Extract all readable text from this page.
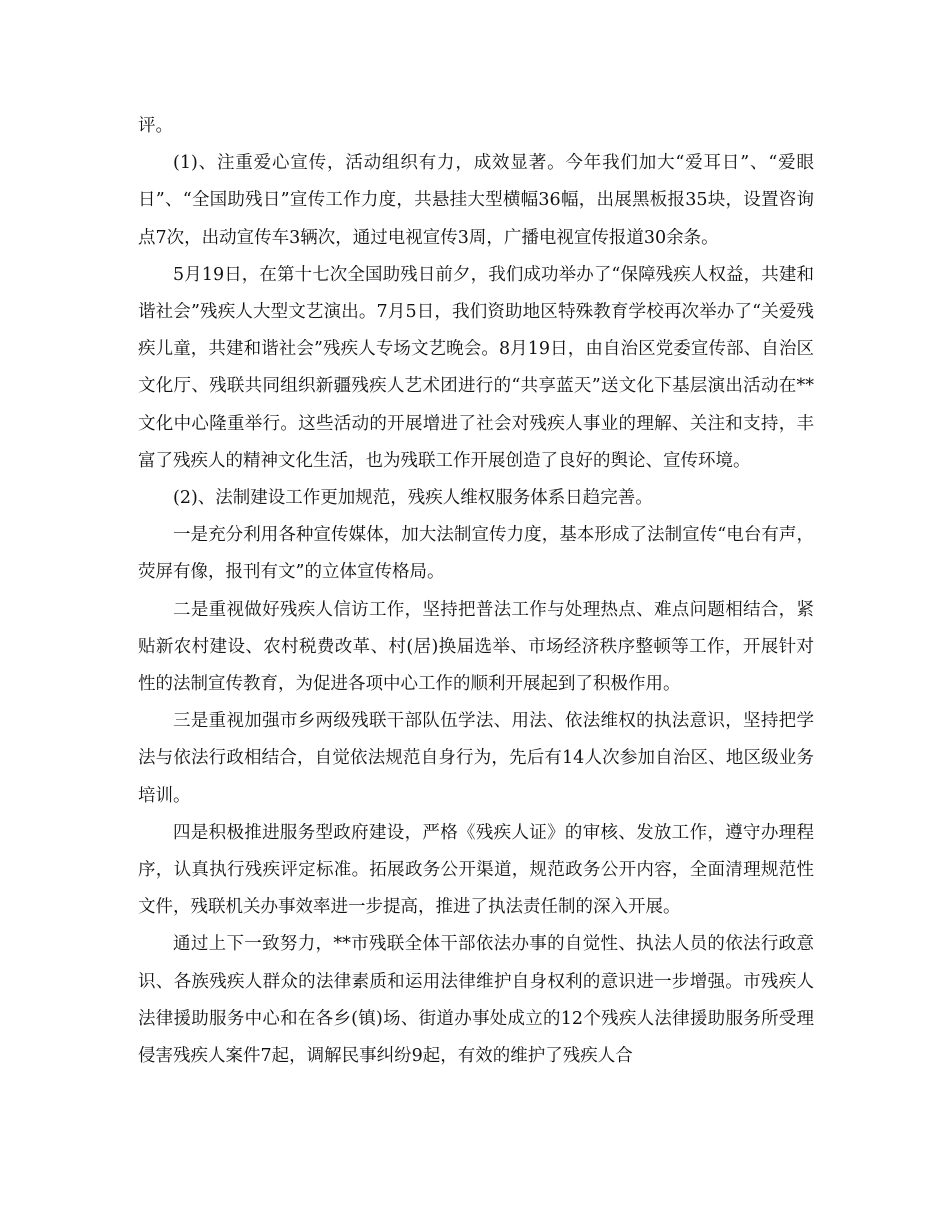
评。

(1)、注重爱心宣传，活动组织有力，成效显著。今年我们加大“爱耳日”、“爱眼日”、“全国助残日”宣传工作力度，共悬挂大型横幅36幅，出展黑板报35块，设置咨询点7次，出动宣传车3辆次，通过电视宣传3周，广播电视宣传报道30余条。

5月19日，在第十七次全国助残日前夕，我们成功举办了“保障残疾人权益，共建和谐社会”残疾人大型文艺演出。7月5日，我们资助地区特殊教育学校再次举办了“关爱残疾儿童，共建和谐社会”残疾人专场文艺晚会。8月19日，由自治区党委宣传部、自治区文化厅、残联共同组织新疆残疾人艺术团进行的“共享蓝天”送文化下基层演出活动在**文化中心隆重举行。这些活动的开展增进了社会对残疾人事业的理解、关注和支持，丰富了残疾人的精神文化生活，也为残联工作开展创造了良好的舆论、宣传环境。

(2)、法制建设工作更加规范，残疾人维权服务体系日趋完善。

一是充分利用各种宣传媒体，加大法制宣传力度，基本形成了法制宣传“电台有声，荧屏有像，报刊有文”的立体宣传格局。

二是重视做好残疾人信访工作，坚持把普法工作与处理热点、难点问题相结合，紧贴新农村建设、农村税费改革、村(居)换届选举、市场经济秩序整顿等工作，开展针对性的法制宣传教育，为促进各项中心工作的顺利开展起到了积极作用。

三是重视加强市乡两级残联干部队伍学法、用法、依法维权的执法意识，坚持把学法与依法行政相结合，自觉依法规范自身行为，先后有14人次参加自治区、地区级业务培训。

四是积极推进服务型政府建设，严格《残疾人证》的审核、发放工作，遵守办理程序，认真执行残疾评定标准。拓展政务公开渠道，规范政务公开内容，全面清理规范性文件，残联机关办事效率进一步提高，推进了执法责任制的深入开展。

通过上下一致努力，**市残联全体干部依法办事的自觉性、执法人员的依法行政意识、各族残疾人群众的法律素质和运用法律维护自身权利的意识进一步增强。市残疾人法律援助服务中心和在各乡(镇)场、街道办事处成立的12个残疾人法律援助服务所受理侵害残疾人案件7起，调解民事纠纷9起，有效的维护了残疾人合
